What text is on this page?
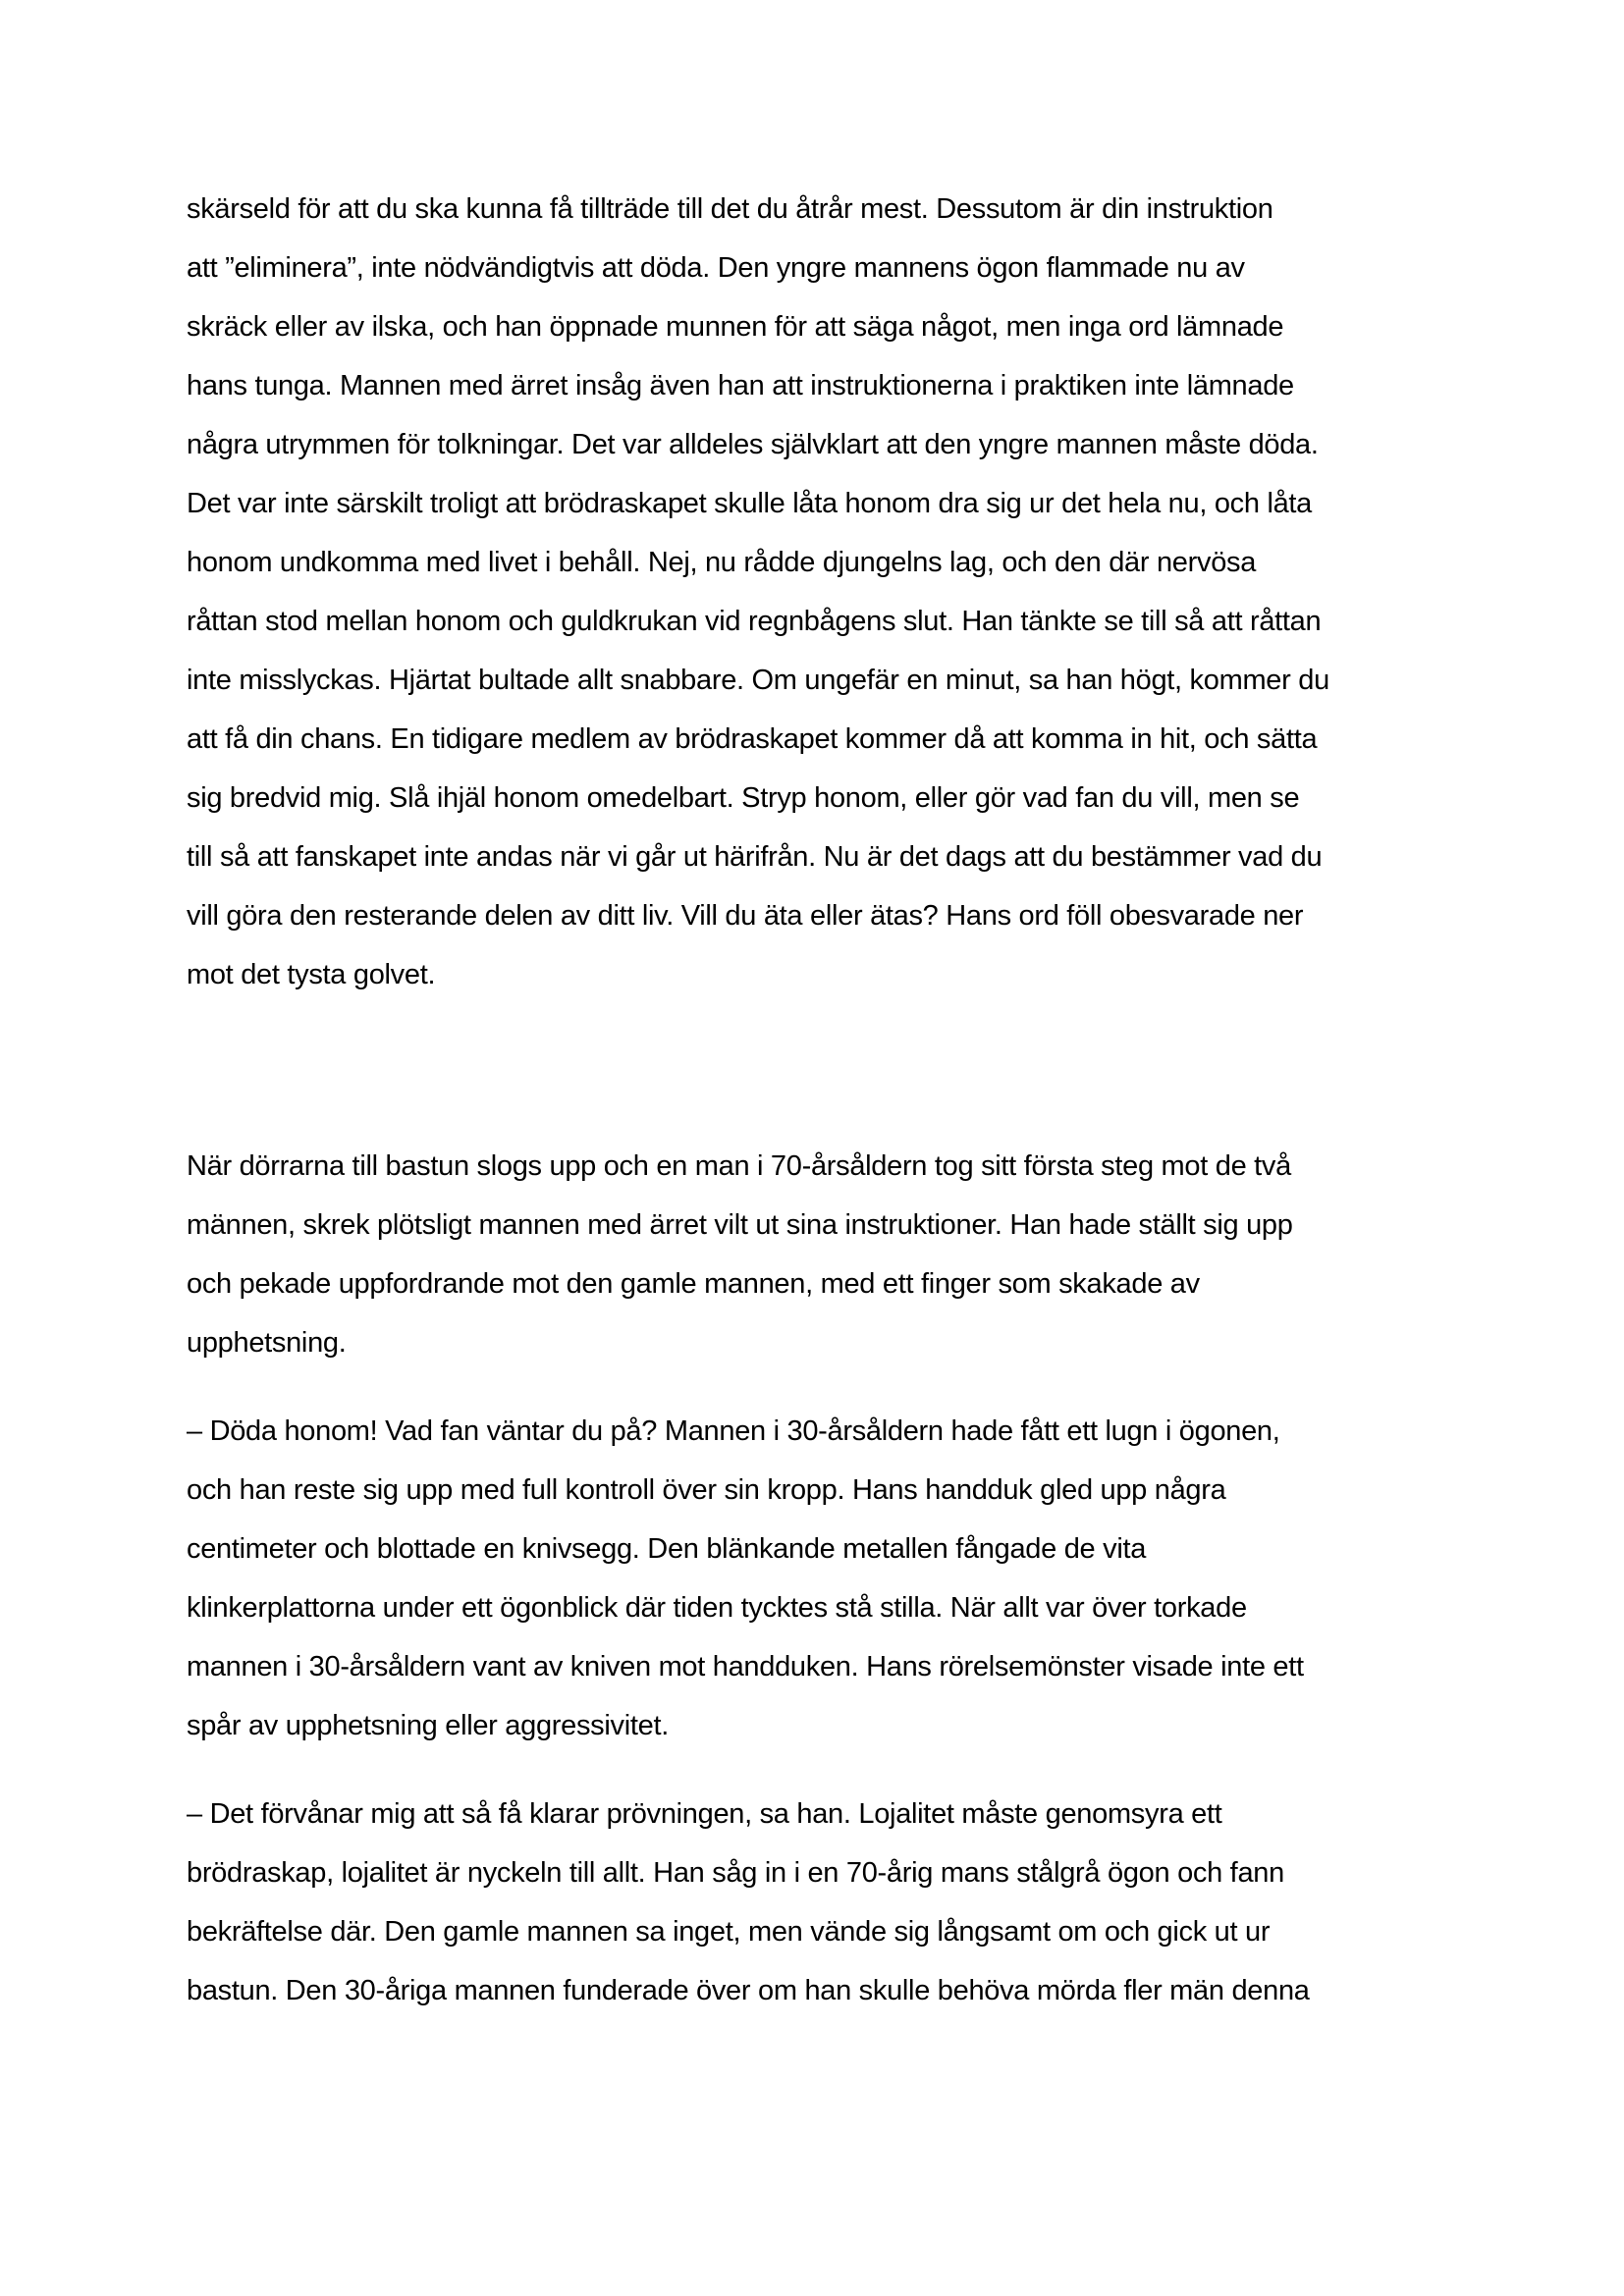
skärseld för att du ska kunna få tillträde till det du åtrår mest. Dessutom är din instruktion
att ”eliminera”, inte nödvändigtvis att döda. Den yngre mannens ögon flammade nu av
skräck eller av ilska, och han öppnade munnen för att säga något, men inga ord lämnade
hans tunga. Mannen med ärret insåg även han att instruktionerna i praktiken inte lämnade
några utrymmen för tolkningar. Det var alldeles självklart att den yngre mannen måste döda.
Det var inte särskilt troligt att brödraskapet skulle låta honom dra sig ur det hela nu, och låta
honom undkomma med livet i behåll. Nej, nu rådde djungelns lag, och den där nervösa
råttan stod mellan honom och guldkrukan vid regnbågens slut. Han tänkte se till så att råttan
inte misslyckas. Hjärtat bultade allt snabbare. Om ungefär en minut, sa han högt, kommer du
att få din chans. En tidigare medlem av brödraskapet kommer då att komma in hit, och sätta
sig bredvid mig. Slå ihjäl honom omedelbart. Stryp honom, eller gör vad fan du vill, men se
till så att fanskapet inte andas när vi går ut härifrån. Nu är det dags att du bestämmer vad du
vill göra den resterande delen av ditt liv. Vill du äta eller ätas? Hans ord föll obesvarade ner
mot det tysta golvet.

När dörrarna till bastun slogs upp och en man i 70-årsåldern tog sitt första steg mot de två
männen, skrek plötsligt mannen med ärret vilt ut sina instruktioner. Han hade ställt sig upp
och pekade uppfordrande mot den gamle mannen, med ett finger som skakade av
upphetsning.

– Döda honom! Vad fan väntar du på? Mannen i 30-årsåldern hade fått ett lugn i ögonen,
och han reste sig upp med full kontroll över sin kropp. Hans handduk gled upp några
centimeter och blottade en knivsegg. Den blänkande metallen fångade de vita
klinkerplattorna under ett ögonblick där tiden tycktes stå stilla. När allt var över torkade
mannen i 30-årsåldern vant av kniven mot handduken. Hans rörelsemönster visade inte ett
spår av upphetsning eller aggressivitet.

– Det förvånar mig att så få klarar prövningen, sa han. Lojalitet måste genomsyra ett
brödraskap, lojalitet är nyckeln till allt. Han såg in i en 70-årig mans stålgrå ögon och fann
bekräftelse där. Den gamle mannen sa inget, men vände sig långsamt om och gick ut ur
bastun. Den 30-åriga mannen funderade över om han skulle behöva mörda fler män denna
